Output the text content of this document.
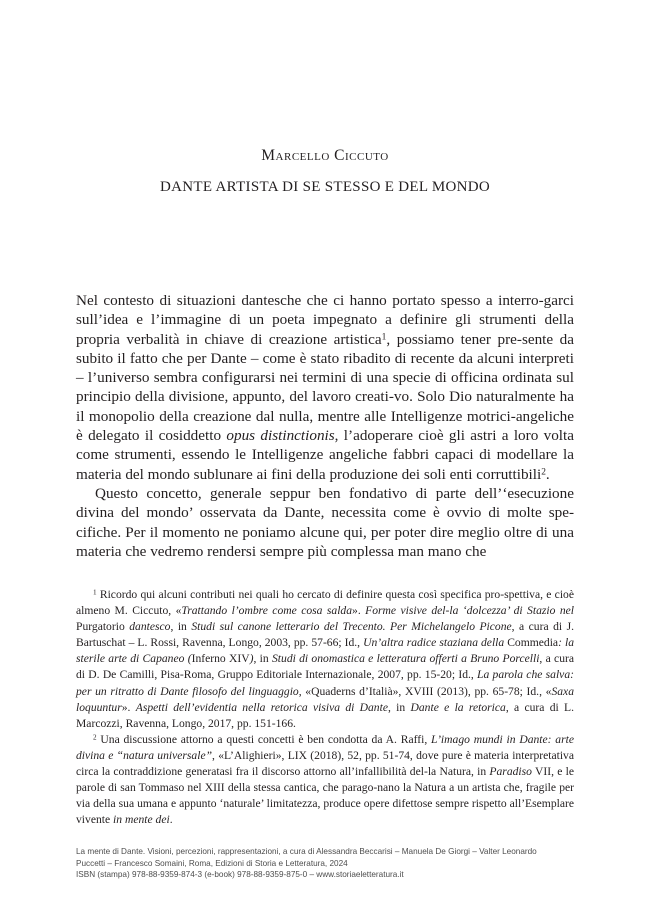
Marcello Ciccuto
DANTE ARTISTA DI SE STESSO E DEL MONDO

Nel contesto di situazioni dantesche che ci hanno portato spesso a interro-garci sull’idea e l’immagine di un poeta impegnato a definire gli strumenti della propria verbalità in chiave di creazione artistica$^1$, possiamo tener pre-sente da subito il fatto che per Dante – come è stato ribadito di recente da alcuni interpreti – l’universo sembra configurarsi nei termini di una specie di officina ordinata sul principio della divisione, appunto, del lavoro creati-vo. Solo Dio naturalmente ha il monopolio della creazione dal nulla, mentre alle Intelligenze motrici-angeliche è delegato il cosiddetto opus distinctionis, l’adoperare cioè gli astri a loro volta come strumenti, essendo le Intelligenze angeliche fabbri capaci di modellare la materia del mondo sublunare ai fini della produzione dei soli enti corruttibili$^2$.

Questo concetto, generale seppur ben fondativo di parte dell’‘esecuzione divina del mondo’ osservata da Dante, necessita come è ovvio di molte spe-cifiche. Per il momento ne poniamo alcune qui, per poter dire meglio oltre di una materia che vedremo rendersi sempre più complessa man mano che

$^1$ Ricordo qui alcuni contributi nei quali ho cercato di definire questa così specifica pro-spettiva, e cioè almeno M. Ciccuto, «Trattando l’ombre come cosa salda». Forme visive del-la ‘dolcezza’ di Stazio nel Purgatorio dantesco, in Studi sul canone letterario del Trecento. Per Michelangelo Picone, a cura di J. Bartuschat – L. Rossi, Ravenna, Longo, 2003, pp. 57-66; Id., Un’altra radice staziana della Commedia: la sterile arte di Capaneo (Inferno XIV), in Studi di onomastica e letteratura offerti a Bruno Porcelli, a cura di D. De Camilli, Pisa-Roma, Gruppo Editoriale Internazionale, 2007, pp. 15-20; Id., La parola che salva: per un ritratto di Dante filosofo del linguaggio, «Quaderns d’Italià», XVIII (2013), pp. 65-78; Id., «Saxa loquuntur». Aspetti dell’evidentia nella retorica visiva di Dante, in Dante e la retorica, a cura di L. Marcozzi, Ravenna, Longo, 2017, pp. 151-166.

$^2$ Una discussione attorno a questi concetti è ben condotta da A. Raffi, L’imago mundi in Dante: arte divina e “natura universale”, «L’Alighieri», LIX (2018), 52, pp. 51-74, dove pure è materia interpretativa circa la contraddizione generatasi fra il discorso attorno all’infallibilità del-la Natura, in Paradiso VII, e le parole di san Tommaso nel XIII della stessa cantica, che parago-nano la Natura a un artista che, fragile per via della sua umana e appunto ‘naturale’ limitatezza, produce opere difettose sempre rispetto all’Esemplare vivente in mente dei.

La mente di Dante. Visioni, percezioni, rappresentazioni, a cura di Alessandra Beccarisi – Manuela De Giorgi – Valter Leonardo
Puccetti – Francesco Somaini, Roma, Edizioni di Storia e Letteratura, 2024
ISBN (stampa) 978-88-9359-874-3 (e-book) 978-88-9359-875-0 – www.storiaeletteratura.it
